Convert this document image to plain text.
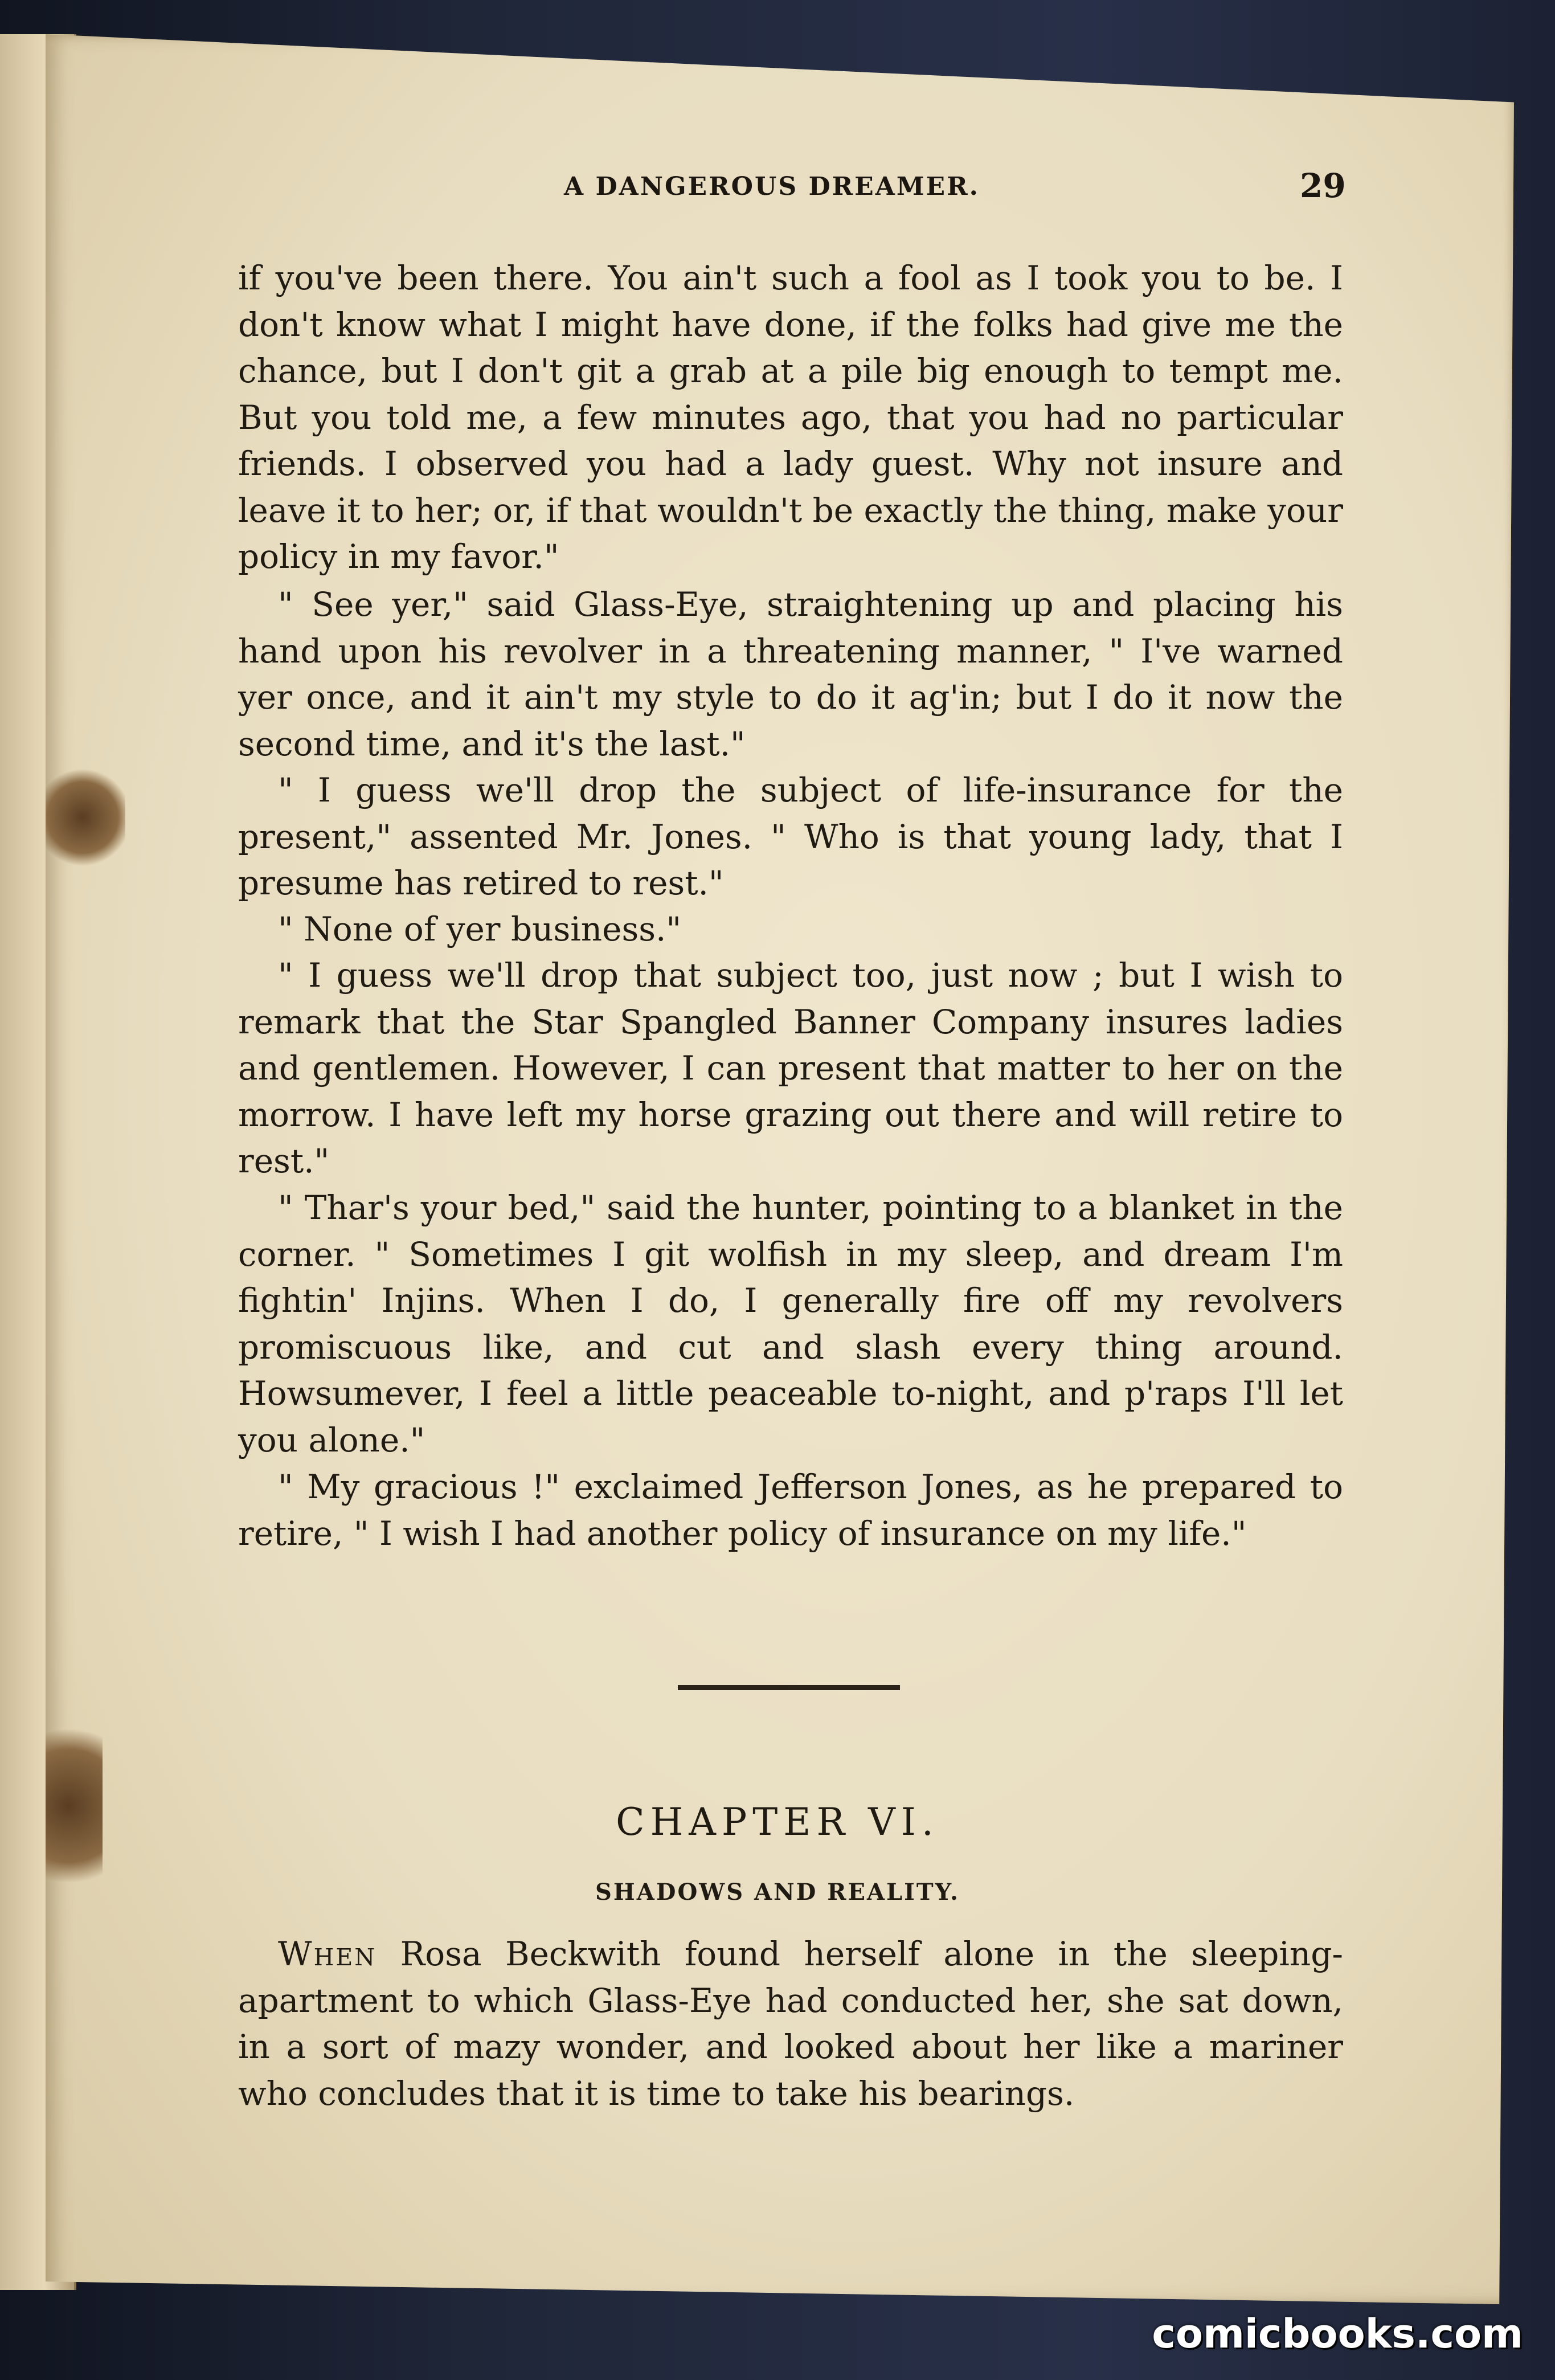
A DANGEROUS DREAMER.	29

if you've been there. You ain't such a fool as I took you to be. I don't know what I might have done, if the folks had give me the chance, but I don't git a grab at a pile big enough to tempt me. But you told me, a few minutes ago, that you had no particular friends. I observed you had a lady guest. Why not insure and leave it to her; or, if that wouldn't be exactly the thing, make your policy in my favor."

" See yer," said Glass-Eye, straightening up and placing his hand upon his revolver in a threatening manner, " I've warned yer once, and it ain't my style to do it ag'in; but I do it now the second time, and it's the last."

" I guess we'll drop the subject of life-insurance for the present," assented Mr. Jones. " Who is that young lady, that I presume has retired to rest."

" None of yer business."

" I guess we'll drop that subject too, just now ; but I wish to remark that the Star Spangled Banner Company insures ladies and gentlemen. However, I can present that matter to her on the morrow. I have left my horse grazing out there and will retire to rest."

" Thar's your bed," said the hunter, pointing to a blanket in the corner. " Sometimes I git wolfish in my sleep, and dream I'm fightin' Injins. When I do, I generally fire off my revolvers promiscuous like, and cut and slash every thing around. Howsumever, I feel a little peaceable to-night, and p'raps I'll let you alone."

" My gracious !" exclaimed Jefferson Jones, as he prepared to retire, " I wish I had another policy of insurance on my life."

CHAPTER VI.
SHADOWS AND REALITY.

When Rosa Beckwith found herself alone in the sleeping-apartment to which Glass-Eye had conducted her, she sat down, in a sort of mazy wonder, and looked about her like a mariner who concludes that it is time to take his bearings.

comicbooks.com
